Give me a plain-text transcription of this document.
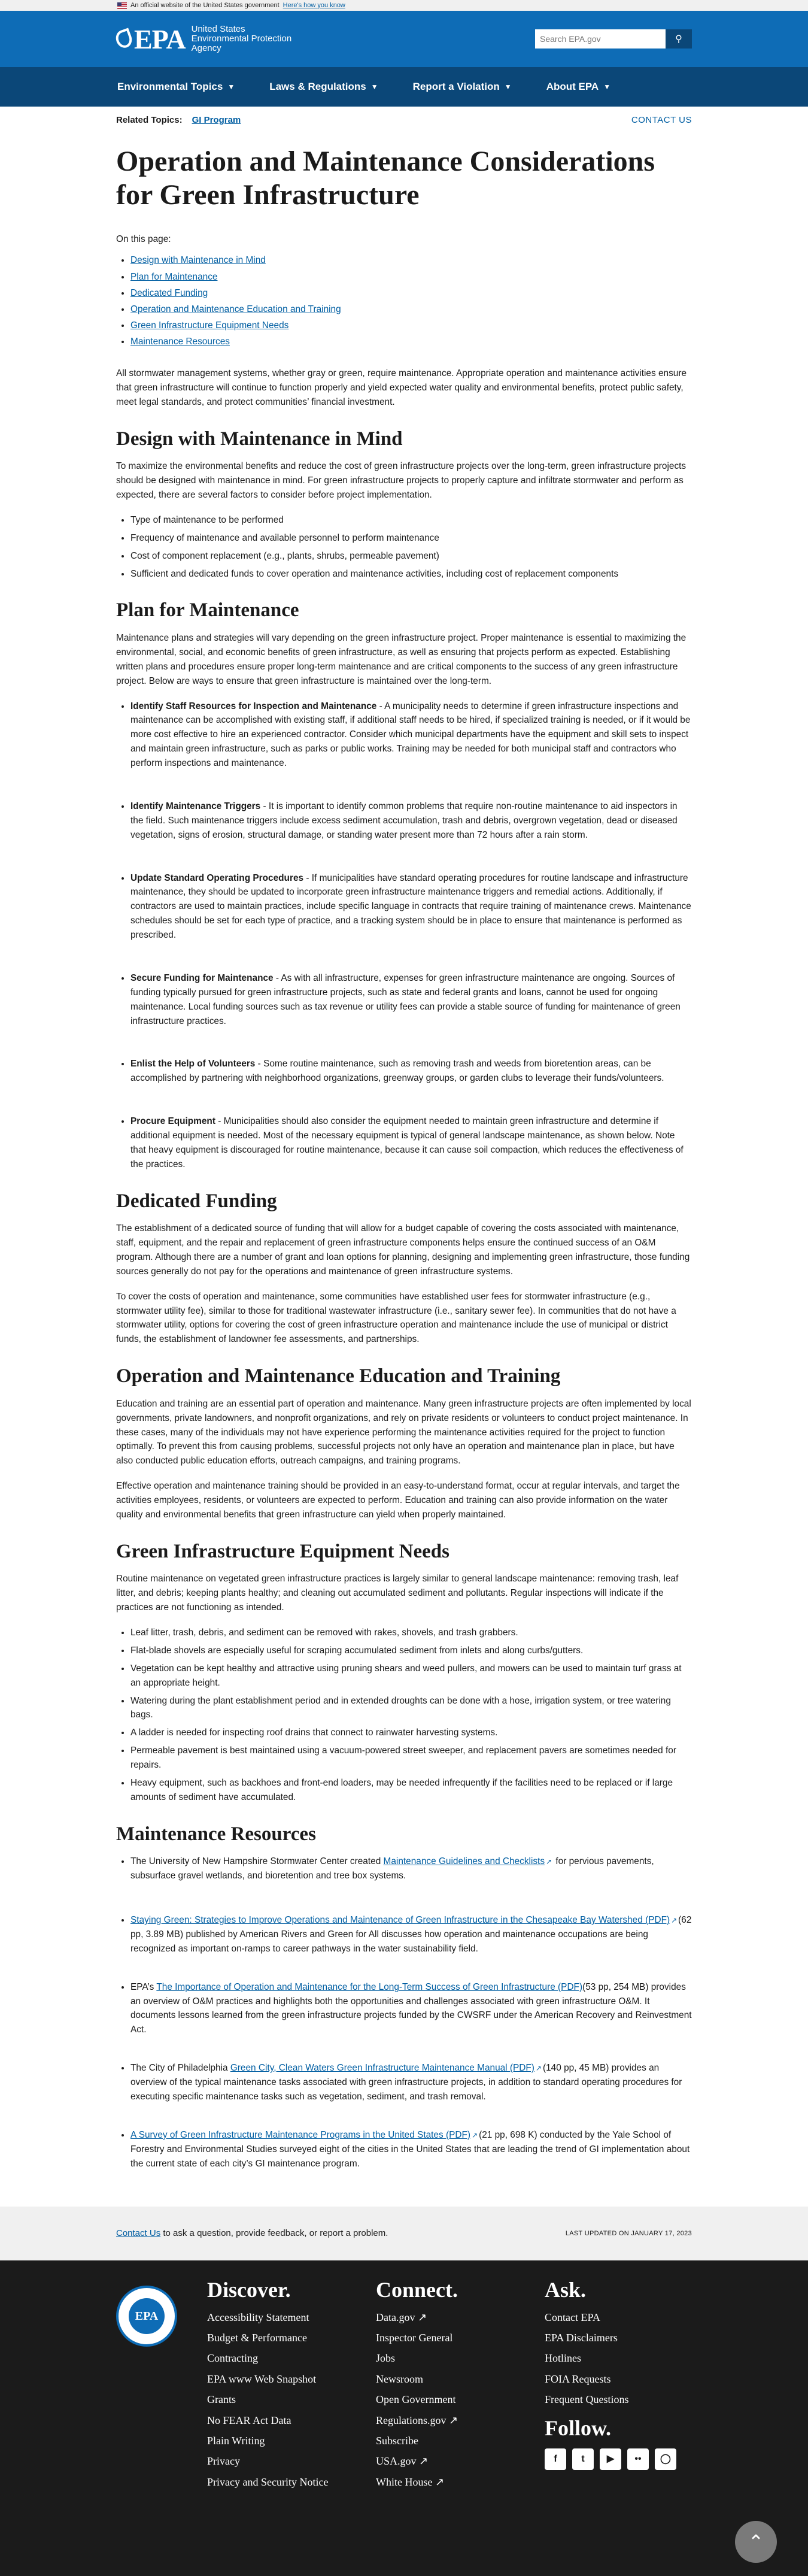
An official website of the United States government Here's how you know
EPA United States
Environmental Protection
Agency
Search EPA.gov
⚲
Environmental Topics ▼	Laws & Regulations ▼	Report a Violation ▼	About EPA ▼
Related Topics: GI Program	CONTACT US
Operation and Maintenance Considerations for Green Infrastructure
On this page:
• Design with Maintenance in Mind
• Plan for Maintenance
• Dedicated Funding
• Operation and Maintenance Education and Training
• Green Infrastructure Equipment Needs
• Maintenance Resources

All stormwater management systems, whether gray or green, require maintenance. Appropriate operation and maintenance activities ensure that green infrastructure will continue to function properly and yield expected water quality and environmental benefits, protect public safety, meet legal standards, and protect communities’ financial investment.

Design with Maintenance in Mind

To maximize the environmental benefits and reduce the cost of green infrastructure projects over the long-term, green infrastructure projects should be designed with maintenance in mind. For green infrastructure projects to properly capture and infiltrate stormwater and perform as expected, there are several factors to consider before project implementation.

• Type of maintenance to be performed
• Frequency of maintenance and available personnel to perform maintenance
• Cost of component replacement (e.g., plants, shrubs, permeable pavement)
• Sufficient and dedicated funds to cover operation and maintenance activities, including cost of replacement components
Plan for Maintenance

Maintenance plans and strategies will vary depending on the green infrastructure project. Proper maintenance is essential to maximizing the environmental, social, and economic benefits of green infrastructure, as well as ensuring that projects perform as expected. Establishing written plans and procedures ensure proper long-term maintenance and are critical components to the success of any green infrastructure project. Below are ways to ensure that green infrastructure is maintained over the long-term.

• Identify Staff Resources for Inspection and Maintenance - A municipality needs to determine if green infrastructure inspections and maintenance can be accomplished with existing staff, if additional staff needs to be hired, if specialized training is needed, or if it would be more cost effective to hire an experienced contractor. Consider which municipal departments have the equipment and skill sets to inspect and maintain green infrastructure, such as parks or public works. Training may be needed for both municipal staff and contractors who perform inspections and maintenance.
• Identify Maintenance Triggers - It is important to identify common problems that require non-routine maintenance to aid inspectors in the field. Such maintenance triggers include excess sediment accumulation, trash and debris, overgrown vegetation, dead or diseased vegetation, signs of erosion, structural damage, or standing water present more than 72 hours after a rain storm.
• Update Standard Operating Procedures - If municipalities have standard operating procedures for routine landscape and infrastructure maintenance, they should be updated to incorporate green infrastructure maintenance triggers and remedial actions. Additionally, if contractors are used to maintain practices, include specific language in contracts that require training of maintenance crews. Maintenance schedules should be set for each type of practice, and a tracking system should be in place to ensure that maintenance is performed as prescribed.
• Secure Funding for Maintenance - As with all infrastructure, expenses for green infrastructure maintenance are ongoing. Sources of funding typically pursued for green infrastructure projects, such as state and federal grants and loans, cannot be used for ongoing maintenance. Local funding sources such as tax revenue or utility fees can provide a stable source of funding for maintenance of green infrastructure practices.
• Enlist the Help of Volunteers - Some routine maintenance, such as removing trash and weeds from bioretention areas, can be accomplished by partnering with neighborhood organizations, greenway groups, or garden clubs to leverage their funds/volunteers.
• Procure Equipment - Municipalities should also consider the equipment needed to maintain green infrastructure and determine if additional equipment is needed. Most of the necessary equipment is typical of general landscape maintenance, as shown below. Note that heavy equipment is discouraged for routine maintenance, because it can cause soil compaction, which reduces the effectiveness of the practices.
Dedicated Funding

The establishment of a dedicated source of funding that will allow for a budget capable of covering the costs associated with maintenance, staff, equipment, and the repair and replacement of green infrastructure components helps ensure the continued success of an O&M program. Although there are a number of grant and loan options for planning, designing and implementing green infrastructure, those funding sources generally do not pay for the operations and maintenance of green infrastructure systems.

To cover the costs of operation and maintenance, some communities have established user fees for stormwater infrastructure (e.g., stormwater utility fee), similar to those for traditional wastewater infrastructure (i.e., sanitary sewer fee). In communities that do not have a stormwater utility, options for covering the cost of green infrastructure operation and maintenance include the use of municipal or district funds, the establishment of landowner fee assessments, and partnerships.

Operation and Maintenance Education and Training

Education and training are an essential part of operation and maintenance. Many green infrastructure projects are often implemented by local governments, private landowners, and nonprofit organizations, and rely on private residents or volunteers to conduct project maintenance. In these cases, many of the individuals may not have experience performing the maintenance activities required for the project to function optimally. To prevent this from causing problems, successful projects not only have an operation and maintenance plan in place, but have also conducted public education efforts, outreach campaigns, and training programs.

Effective operation and maintenance training should be provided in an easy-to-understand format, occur at regular intervals, and target the activities employees, residents, or volunteers are expected to perform. Education and training can also provide information on the water quality and environmental benefits that green infrastructure can yield when properly maintained.

Green Infrastructure Equipment Needs

Routine maintenance on vegetated green infrastructure practices is largely similar to general landscape maintenance: removing trash, leaf litter, and debris; keeping plants healthy; and cleaning out accumulated sediment and pollutants. Regular inspections will indicate if the practices are not functioning as intended.

• Leaf litter, trash, debris, and sediment can be removed with rakes, shovels, and trash grabbers.
• Flat-blade shovels are especially useful for scraping accumulated sediment from inlets and along curbs/gutters.
• Vegetation can be kept healthy and attractive using pruning shears and weed pullers, and mowers can be used to maintain turf grass at an appropriate height.
• Watering during the plant establishment period and in extended droughts can be done with a hose, irrigation system, or tree watering bags.
• A ladder is needed for inspecting roof drains that connect to rainwater harvesting systems.
• Permeable pavement is best maintained using a vacuum-powered street sweeper, and replacement pavers are sometimes needed for repairs.
• Heavy equipment, such as backhoes and front-end loaders, may be needed infrequently if the facilities need to be replaced or if large amounts of sediment have accumulated.
Maintenance Resources
• The University of New Hampshire Stormwater Center created Maintenance Guidelines and Checklists ↗ for pervious pavements, subsurface gravel wetlands, and bioretention and tree box systems.
• Staying Green: Strategies to Improve Operations and Maintenance of Green Infrastructure in the Chesapeake Bay Watershed (PDF) ↗ (62 pp, 3.89 MB) published by American Rivers and Green for All discusses how operation and maintenance occupations are being recognized as important on-ramps to career pathways in the water sustainability field.
• EPA’s The Importance of Operation and Maintenance for the Long-Term Success of Green Infrastructure (PDF)(53 pp, 254 MB) provides an overview of O&M practices and highlights both the opportunities and challenges associated with green infrastructure O&M. It documents lessons learned from the green infrastructure projects funded by the CWSRF under the American Recovery and Reinvestment Act.
• The City of Philadelphia Green City, Clean Waters Green Infrastructure Maintenance Manual (PDF) ↗ (140 pp, 45 MB) provides an overview of the typical maintenance tasks associated with green infrastructure projects, in addition to standard operating procedures for executing specific maintenance tasks such as vegetation, sediment, and trash removal.
• A Survey of Green Infrastructure Maintenance Programs in the United States (PDF) ↗ (21 pp, 698 K) conducted by the Yale School of Forestry and Environmental Studies surveyed eight of the cities in the United States that are leading the trend of GI implementation about the current state of each city’s GI maintenance program.
Contact Us to ask a question, provide feedback, or report a problem.	LAST UPDATED ON JANUARY 17, 2023
EPA
Discover.
Accessibility Statement
Budget & Performance
Contracting
EPA www Web Snapshot
Grants
No FEAR Act Data
Plain Writing
Privacy
Privacy and Security Notice
Connect.
Data.gov ↗
Inspector General
Jobs
Newsroom
Open Government
Regulations.gov ↗
Subscribe
USA.gov ↗
White House ↗
Ask.
Contact EPA
EPA Disclaimers
Hotlines
FOIA Requests
Frequent Questions
Follow.
f	t	▶	••	◯
⌃
